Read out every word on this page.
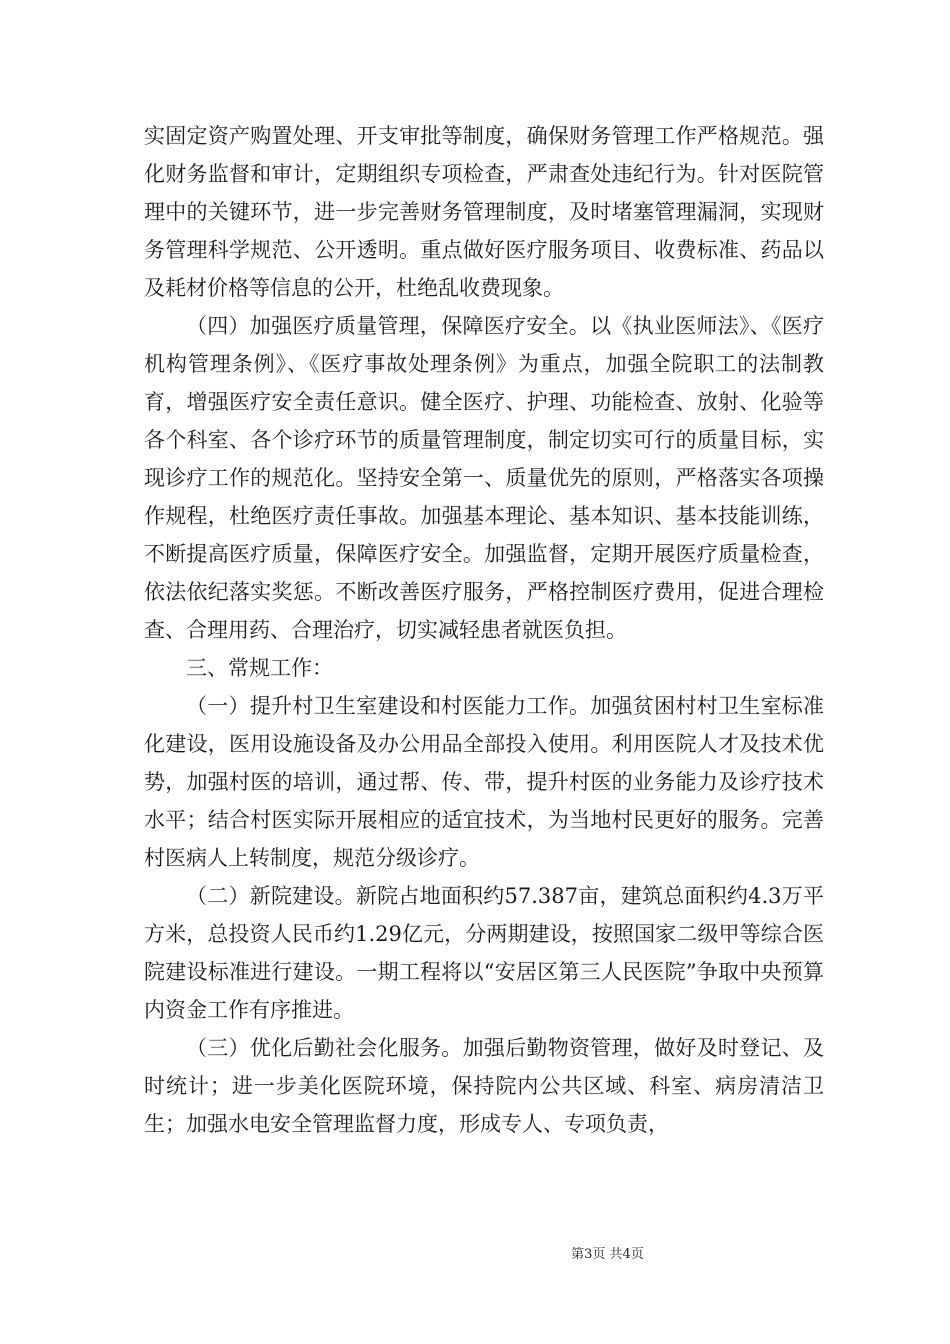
实固定资产购置处理、开支审批等制度，确保财务管理工作严格规范。强化财务监督和审计，定期组织专项检查，严肃查处违纪行为。针对医院管理中的关键环节，进一步完善财务管理制度，及时堵塞管理漏洞，实现财务管理科学规范、公开透明。重点做好医疗服务项目、收费标准、药品以及耗材价格等信息的公开，杜绝乱收费现象。

（四）加强医疗质量管理，保障医疗安全。以《执业医师法》、《医疗机构管理条例》、《医疗事故处理条例》为重点，加强全院职工的法制教育，增强医疗安全责任意识。健全医疗、护理、功能检查、放射、化验等各个科室、各个诊疗环节的质量管理制度，制定切实可行的质量目标，实现诊疗工作的规范化。坚持安全第一、质量优先的原则，严格落实各项操作规程，杜绝医疗责任事故。加强基本理论、基本知识、基本技能训练，不断提高医疗质量，保障医疗安全。加强监督，定期开展医疗质量检查，依法依纪落实奖惩。不断改善医疗服务，严格控制医疗费用，促进合理检查、合理用药、合理治疗，切实减轻患者就医负担。

三、常规工作：

（一）提升村卫生室建设和村医能力工作。加强贫困村村卫生室标准化建设，医用设施设备及办公用品全部投入使用。利用医院人才及技术优势，加强村医的培训，通过帮、传、带，提升村医的业务能力及诊疗技术水平；结合村医实际开展相应的适宜技术，为当地村民更好的服务。完善村医病人上转制度，规范分级诊疗。

（二）新院建设。新院占地面积约57.387亩，建筑总面积约4.3万平方米，总投资人民币约1.29亿元，分两期建设，按照国家二级甲等综合医院建设标准进行建设。一期工程将以“安居区第三人民医院”争取中央预算内资金工作有序推进。

（三）优化后勤社会化服务。加强后勤物资管理，做好及时登记、及时统计；进一步美化医院环境，保持院内公共区域、科室、病房清洁卫生；加强水电安全管理监督力度，形成专人、专项负责，

第3页 共4页
